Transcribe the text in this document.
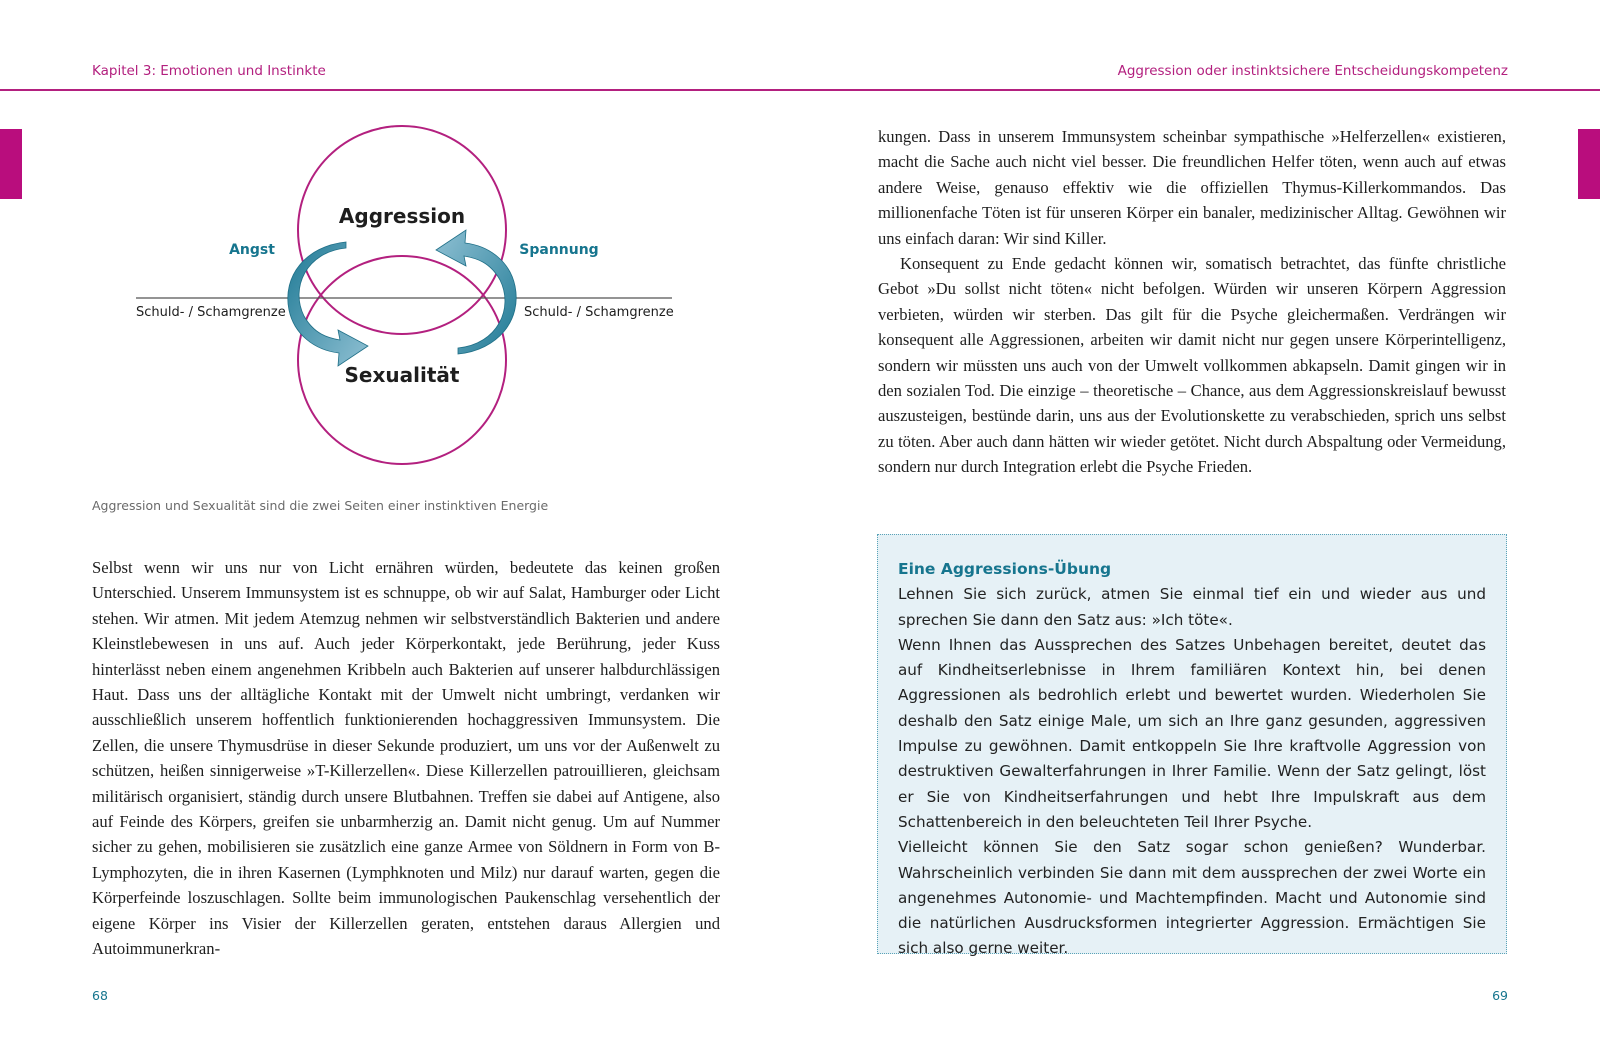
Kapitel 3: Emotionen und Instinkte	Aggression oder instinktsichere Entscheidungskompetenz
Aggression
Sexualität
Angst	Spannung
Schuld- / Schamgrenze	Schuld- / Schamgrenze
Aggression und Sexualität sind die zwei Seiten einer instinktiven Energie

Selbst wenn wir uns nur von Licht ernähren würden, bedeutete das keinen großen Unterschied. Unserem Immunsystem ist es schnuppe, ob wir auf Salat, Hamburger oder Licht stehen. Wir atmen. Mit jedem Atemzug nehmen wir selbstverständlich Bakterien und andere Kleinstlebewesen in uns auf. Auch jeder Körperkontakt, jede Berührung, jeder Kuss hinterlässt neben einem angenehmen Kribbeln auch Bakterien auf unserer halbdurchlässigen Haut. Dass uns der alltägliche Kontakt mit der Umwelt nicht umbringt, verdanken wir ausschließlich unserem hoffentlich funktionierenden hochaggressiven Immunsystem. Die Zellen, die unsere Thymusdrüse in dieser Sekunde produziert, um uns vor der Außenwelt zu schützen, heißen sinnigerweise »T-Killerzellen«. Diese Killerzellen patrouillieren, gleichsam militärisch organisiert, ständig durch unsere Blutbahnen. Treffen sie dabei auf Antigene, also auf Feinde des Körpers, greifen sie unbarmherzig an. Damit nicht genug. Um auf Nummer sicher zu gehen, mobilisieren sie zusätzlich eine ganze Armee von Söldnern in Form von B-Lymphozyten, die in ihren Kasernen (Lymphknoten und Milz) nur darauf warten, gegen die Körperfeinde loszuschlagen. Sollte beim immunologischen Paukenschlag versehentlich der eigene Körper ins Visier der Killerzellen geraten, entstehen daraus Allergien und Autoimmunerkran-

kungen. Dass in unserem Immunsystem scheinbar sympathische »Helferzellen« existieren, macht die Sache auch nicht viel besser. Die freundlichen Helfer töten, wenn auch auf etwas andere Weise, genauso effektiv wie die offiziellen Thymus-Killerkommandos. Das millionenfache Töten ist für unseren Körper ein banaler, medizinischer Alltag. Gewöhnen wir uns einfach daran: Wir sind Killer.
Konsequent zu Ende gedacht können wir, somatisch betrachtet, das fünfte christliche Gebot »Du sollst nicht töten« nicht befolgen. Würden wir unseren Körpern Aggression verbieten, würden wir sterben. Das gilt für die Psyche gleichermaßen. Verdrängen wir konsequent alle Aggressionen, arbeiten wir damit nicht nur gegen unsere Körperintelligenz, sondern wir müssten uns auch von der Umwelt vollkommen abkapseln. Damit gingen wir in den sozialen Tod. Die einzige – theoretische – Chance, aus dem Aggressionskreislauf bewusst auszusteigen, bestünde darin, uns aus der Evolutionskette zu verabschieden, sprich uns selbst zu töten. Aber auch dann hätten wir wieder getötet. Nicht durch Abspaltung oder Vermeidung, sondern nur durch Integration erlebt die Psyche Frieden.
Eine Aggressions-Übung

Lehnen Sie sich zurück, atmen Sie einmal tief ein und wieder aus und sprechen Sie dann den Satz aus: »Ich töte«.

Wenn Ihnen das Aussprechen des Satzes Unbehagen bereitet, deutet das auf Kindheitserlebnisse in Ihrem familiären Kontext hin, bei denen Aggressionen als bedrohlich erlebt und bewertet wurden. Wiederholen Sie deshalb den Satz einige Male, um sich an Ihre ganz gesunden, aggressiven Impulse zu gewöhnen. Damit entkoppeln Sie Ihre kraftvolle Aggression von destruktiven Gewalterfahrungen in Ihrer Familie. Wenn der Satz gelingt, löst er Sie von Kindheitserfahrungen und hebt Ihre Impulskraft aus dem Schattenbereich in den beleuchteten Teil Ihrer Psyche.

Vielleicht können Sie den Satz sogar schon genießen? Wunderbar. Wahrscheinlich verbinden Sie dann mit dem aussprechen der zwei Worte ein angenehmes Autonomie- und Machtempfinden. Macht und Autonomie sind die natürlichen Ausdrucksformen integrierter Aggression. Ermächtigen Sie sich also gerne weiter.

68	69
